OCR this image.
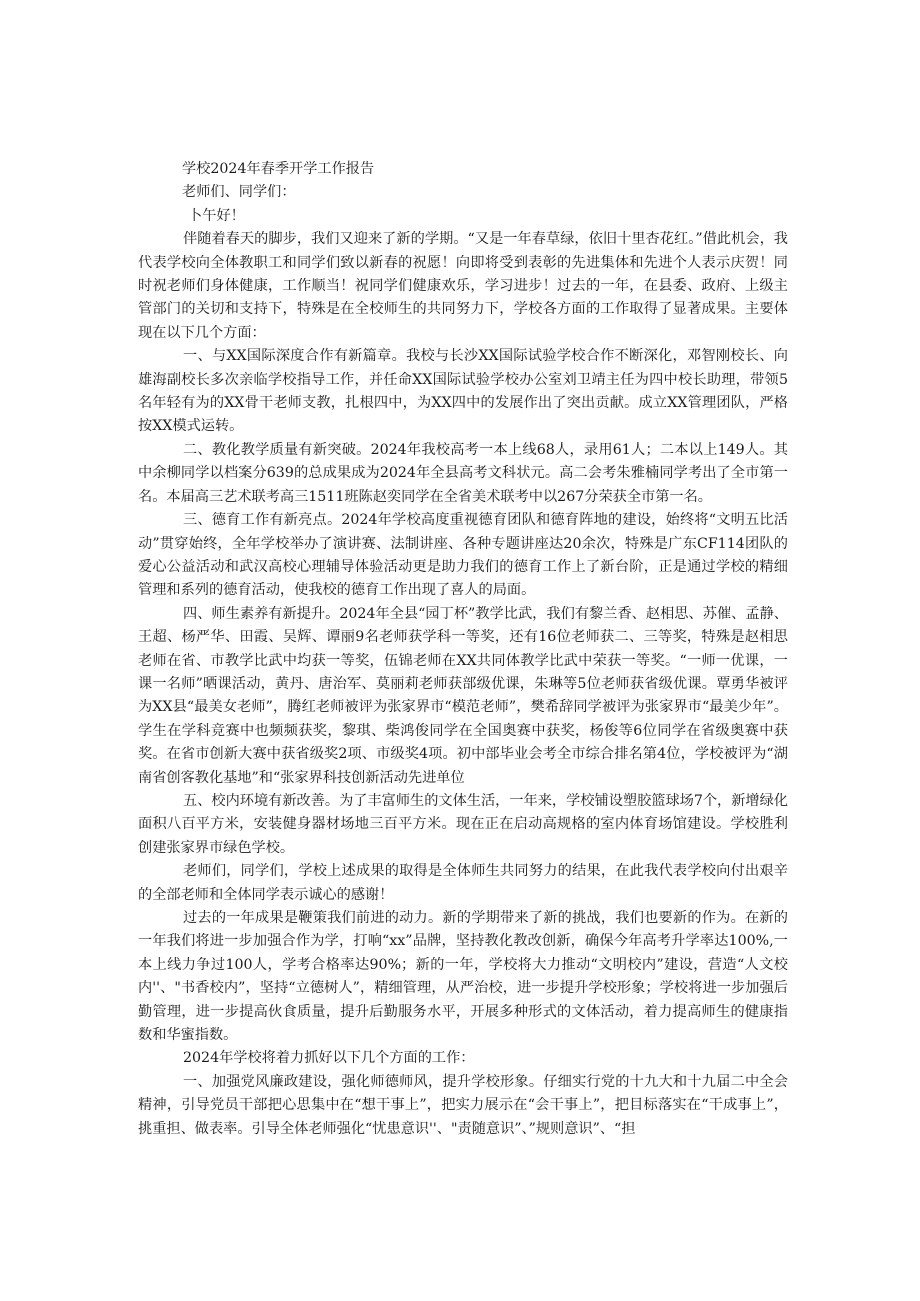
学校2024年春季开学工作报告

老师们、同学们：

卜午好！

伴随着春天的脚步，我们又迎来了新的学期。“又是一年春草绿，依旧十里杏花红。”借此机会，我代表学校向全体教职工和同学们致以新春的祝愿！向即将受到表彰的先进集体和先进个人表示庆贺！同时祝老师们身体健康，工作顺当！祝同学们健康欢乐，学习进步！过去的一年，在县委、政府、上级主管部门的关切和支持下，特殊是在全校师生的共同努力下，学校各方面的工作取得了显著成果。主要体现在以下几个方面：

一、与XX国际深度合作有新篇章。我校与长沙XX国际试验学校合作不断深化，邓智刚校长、向雄海副校长多次亲临学校指导工作，并任命XX国际试验学校办公室刘卫靖主任为四中校长助理，带领5名年轻有为的XX骨干老师支教，扎根四中，为XX四中的发展作出了突出贡献。成立XX管理团队，严格按XX模式运转。

二、教化教学质量有新突破。2024年我校高考一本上线68人，录用61人；二本以上149人。其中余柳同学以档案分639的总成果成为2024年全县高考文科状元。高二会考朱雅楠同学考出了全市第一名。本届高三艺术联考高三1511班陈赵奕同学在全省美术联考中以267分荣获全市第一名。

三、德育工作有新亮点。2024年学校高度重视德育团队和德育阵地的建设，始终将“文明五比活动”贯穿始终，全年学校举办了演讲赛、法制讲座、各种专题讲座达20余次，特殊是广东CF114团队的爱心公益活动和武汉高校心理辅导体验活动更是助力我们的德育工作上了新台阶，正是通过学校的精细管理和系列的德育活动，使我校的德育工作出现了喜人的局面。

四、师生素养有新提升。2024年全县“园丁杯”教学比武，我们有黎兰香、赵相思、苏催、孟静、王超、杨严华、田霞、吴辉、谭丽9名老师获学科一等奖，还有16位老师获二、三等奖，特殊是赵相思老师在省、市教学比武中均获一等奖，伍锦老师在XX共同体教学比武中荣获一等奖。“一师一优课，一课一名师”晒课活动，黄丹、唐治军、莫丽莉老师获部级优课，朱琳等5位老师获省级优课。覃勇华被评为XX县“最美女老师”，腾红老师被评为张家界市“模范老师”，樊希辞同学被评为张家界市“最美少年”。学生在学科竞赛中也频频获奖，黎琪、柴鸿俊同学在全国奥赛中获奖，杨俊等6位同学在省级奥赛中获奖。在省市创新大赛中获省级奖2项、市级奖4项。初中部毕业会考全市综合排名第4位，学校被评为“湖南省创客教化基地”和“张家界科技创新活动先进单位

五、校内环境有新改善。为了丰富师生的文体生活，一年来，学校铺设塑胶篮球场7个，新增绿化面积八百平方米，安装健身器材场地三百平方米。现在正在启动高规格的室内体育场馆建设。学校胜利创建张家界市绿色学校。

老师们，同学们，学校上述成果的取得是全体师生共同努力的结果，在此我代表学校向付出艰辛的全部老师和全体同学表示诚心的感谢！

过去的一年成果是鞭策我们前进的动力。新的学期带来了新的挑战，我们也要新的作为。在新的一年我们将进一步加强合作为学，打响“xx”品牌，坚持教化教改创新，确保今年高考升学率达100%,一本上线力争过100人，学考合格率达90%；新的一年，学校将大力推动“文明校内”建设，营造“人文校内''、"书香校内”，坚持“立德树人”，精细管理，从严治校，进一步提升学校形象；学校将进一步加强后勤管理，进一步提高伙食质量，提升后勤服务水平，开展多种形式的文体活动，着力提高师生的健康指数和华蜜指数。

2024年学校将着力抓好以下几个方面的工作：

一、加强党风廉政建设，强化师德师风，提升学校形象。仔细实行党的十九大和十九届二中全会精神，引导党员干部把心思集中在“想干事上”，把实力展示在“会干事上”，把目标落实在“干成事上”，挑重担、做表率。引导全体老师强化“忧患意识''、"责随意识”、”规则意识”、“担
